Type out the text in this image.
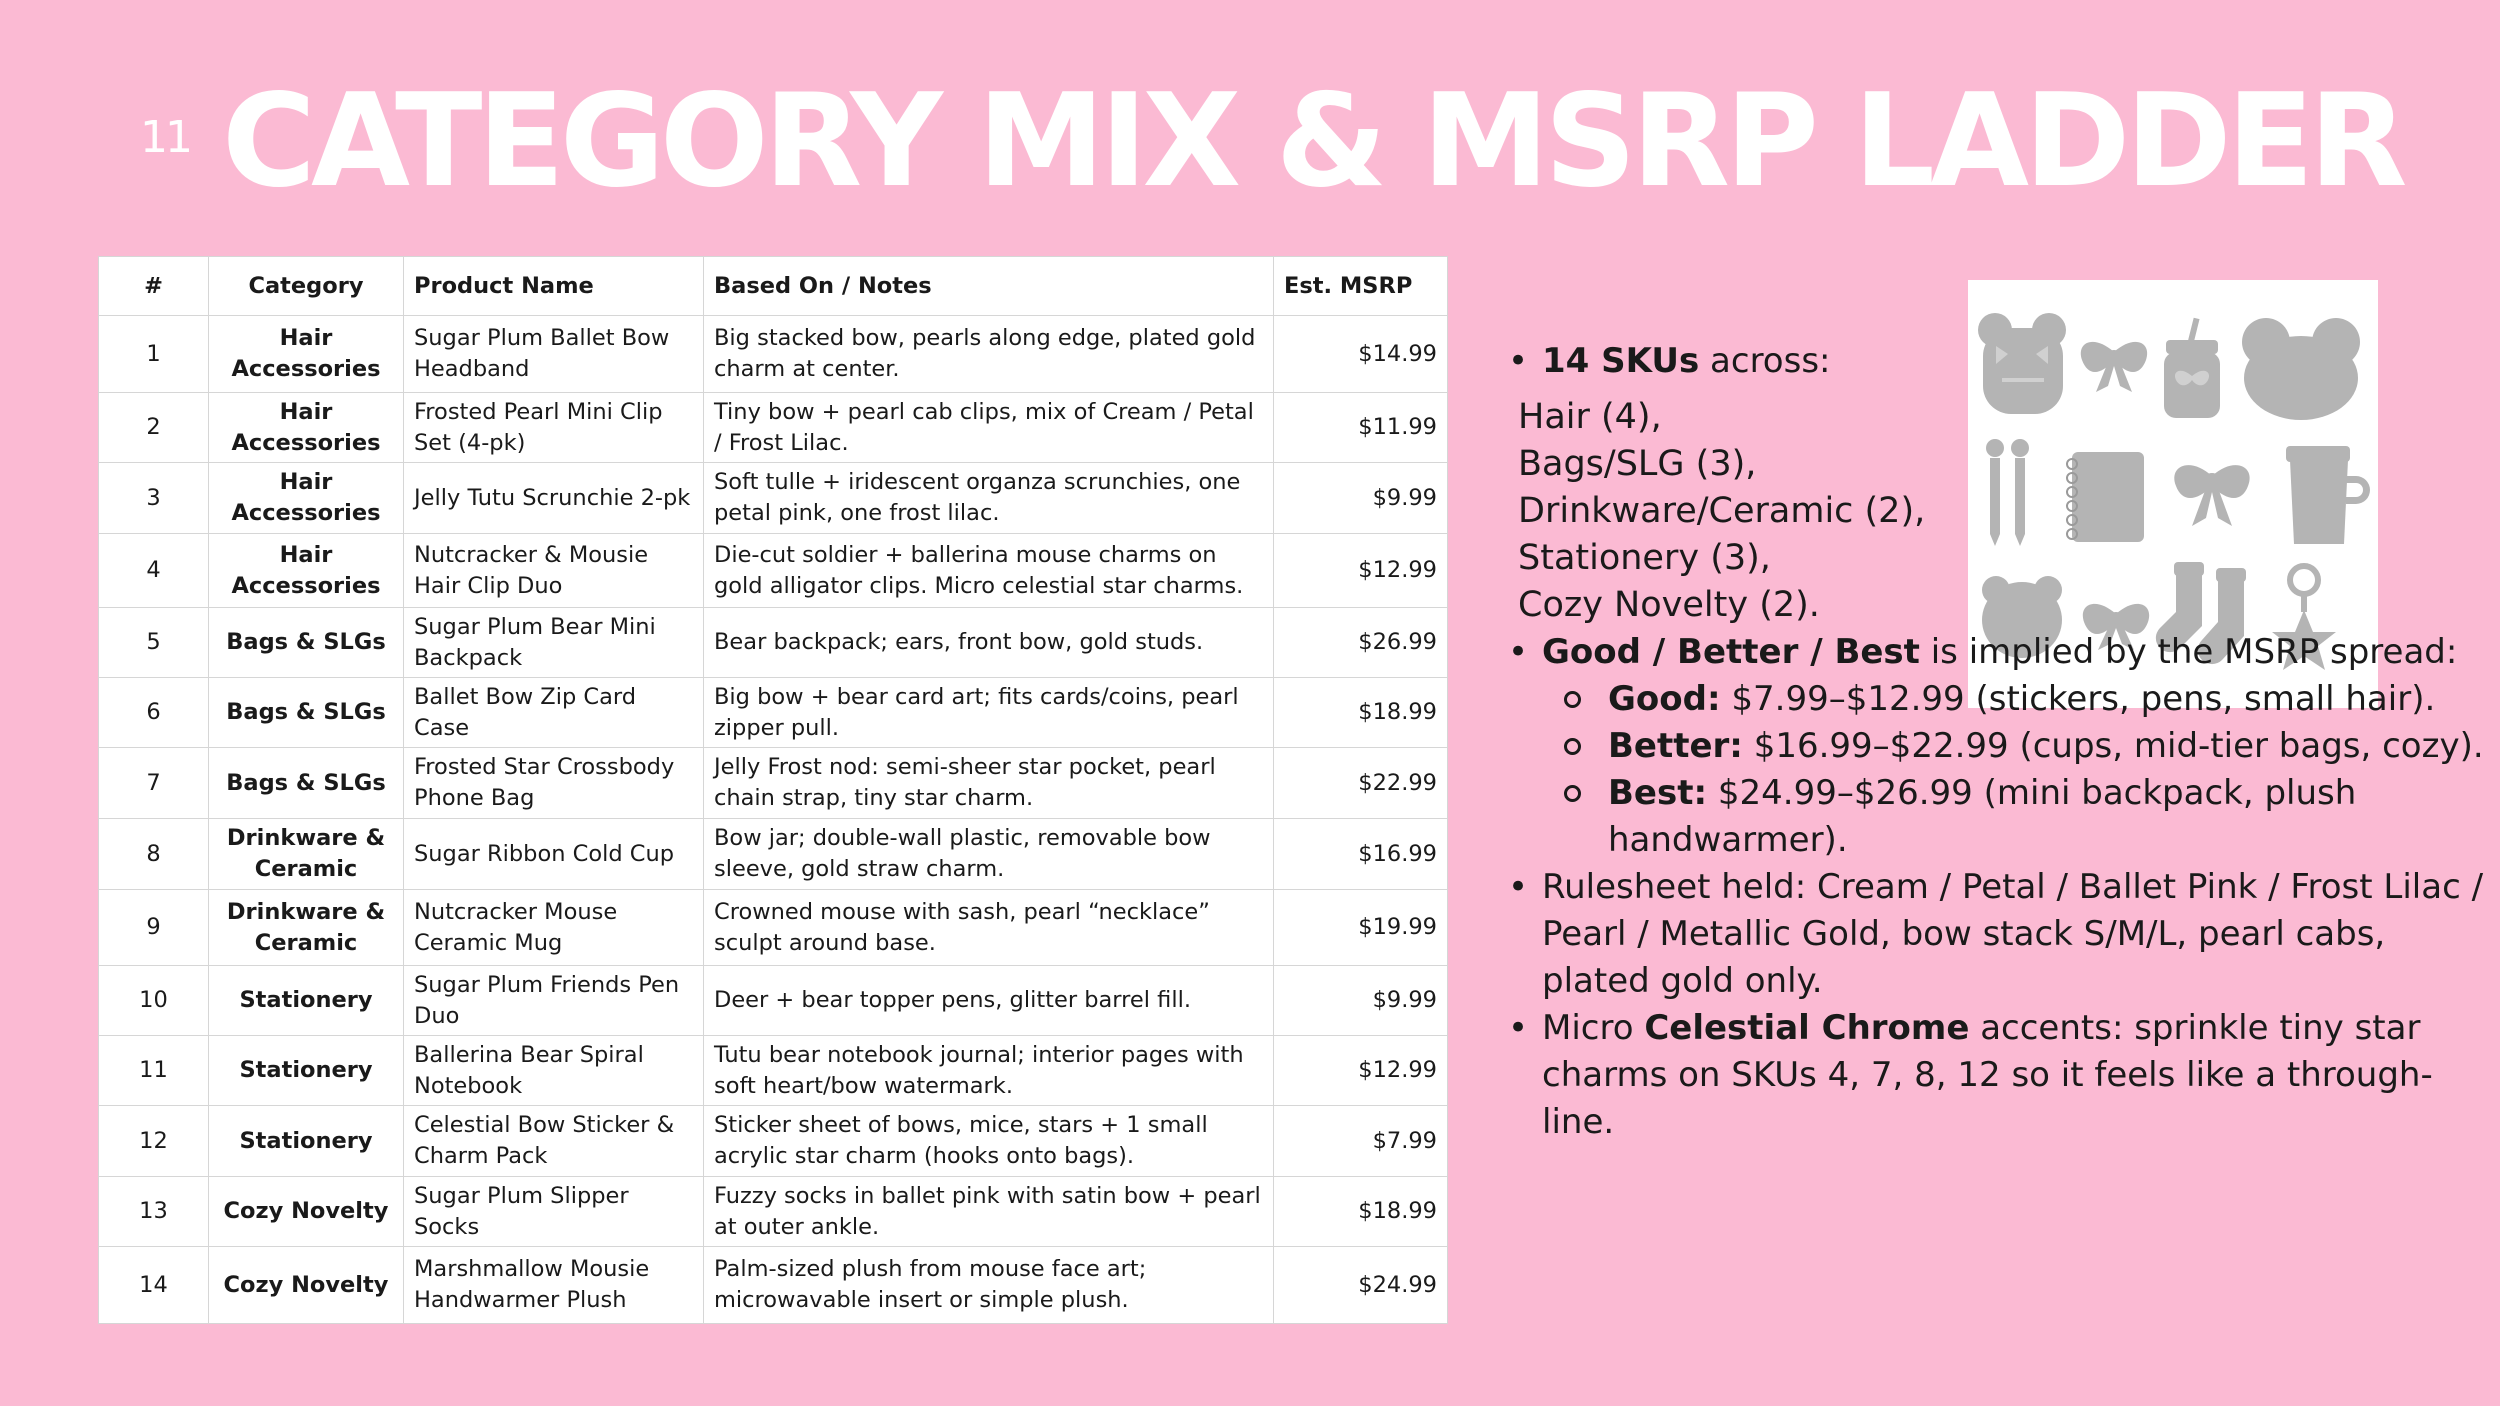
11 CATEGORY MIX & MSRP LADDER
#	Category	Product Name	Based On / Notes	Est. MSRP
1	Hair Accessories	Sugar Plum Ballet Bow Headband	Big stacked bow, pearls along edge, plated gold charm at center.	$14.99
2	Hair Accessories	Frosted Pearl Mini Clip Set (4-pk)	Tiny bow + pearl cab clips, mix of Cream / Petal / Frost Lilac.	$11.99
3	Hair Accessories	Jelly Tutu Scrunchie 2-pk	Soft tulle + iridescent organza scrunchies, one petal pink, one frost lilac.	$9.99
4	Hair Accessories	Nutcracker & Mousie Hair Clip Duo	Die-cut soldier + ballerina mouse charms on gold alligator clips. Micro celestial star charms.	$12.99
5	Bags & SLGs	Sugar Plum Bear Mini Backpack	Bear backpack; ears, front bow, gold studs.	$26.99
6	Bags & SLGs	Ballet Bow Zip Card Case	Big bow + bear card art; fits cards/coins, pearl zipper pull.	$18.99
7	Bags & SLGs	Frosted Star Crossbody Phone Bag	Jelly Frost nod: semi-sheer star pocket, pearl chain strap, tiny star charm.	$22.99
8	Drinkware & Ceramic	Sugar Ribbon Cold Cup	Bow jar; double-wall plastic, removable bow sleeve, gold straw charm.	$16.99
9	Drinkware & Ceramic	Nutcracker Mouse Ceramic Mug	Crowned mouse with sash, pearl “necklace” sculpt around base.	$19.99
10	Stationery	Sugar Plum Friends Pen Duo	Deer + bear topper pens, glitter barrel fill.	$9.99
11	Stationery	Ballerina Bear Spiral Notebook	Tutu bear notebook journal; interior pages with soft heart/bow watermark.	$12.99
12	Stationery	Celestial Bow Sticker & Charm Pack	Sticker sheet of bows, mice, stars + 1 small acrylic star charm (hooks onto bags).	$7.99
13	Cozy Novelty	Sugar Plum Slipper Socks	Fuzzy socks in ballet pink with satin bow + pearl at outer ankle.	$18.99
14	Cozy Novelty	Marshmallow Mousie Handwarmer Plush	Palm-sized plush from mouse face art; microwavable insert or simple plush.	$24.99
• 14 SKUs across:
Hair (4),
Bags/SLG (3),
Drinkware/Ceramic (2),
Stationery (3),
Cozy Novelty (2).
• Good / Better / Best is implied by the MSRP spread:
Good: $7.99–$12.99 (stickers, pens, small hair).
Better: $16.99–$22.99 (cups, mid-tier bags, cozy).
Best: $24.99–$26.99 (mini backpack, plush handwarmer).
• Rulesheet held: Cream / Petal / Ballet Pink / Frost Lilac / Pearl / Metallic Gold, bow stack S/M/L, pearl cabs, plated gold only.
• Micro Celestial Chrome accents: sprinkle tiny star charms on SKUs 4, 7, 8, 12 so it feels like a through-line.
